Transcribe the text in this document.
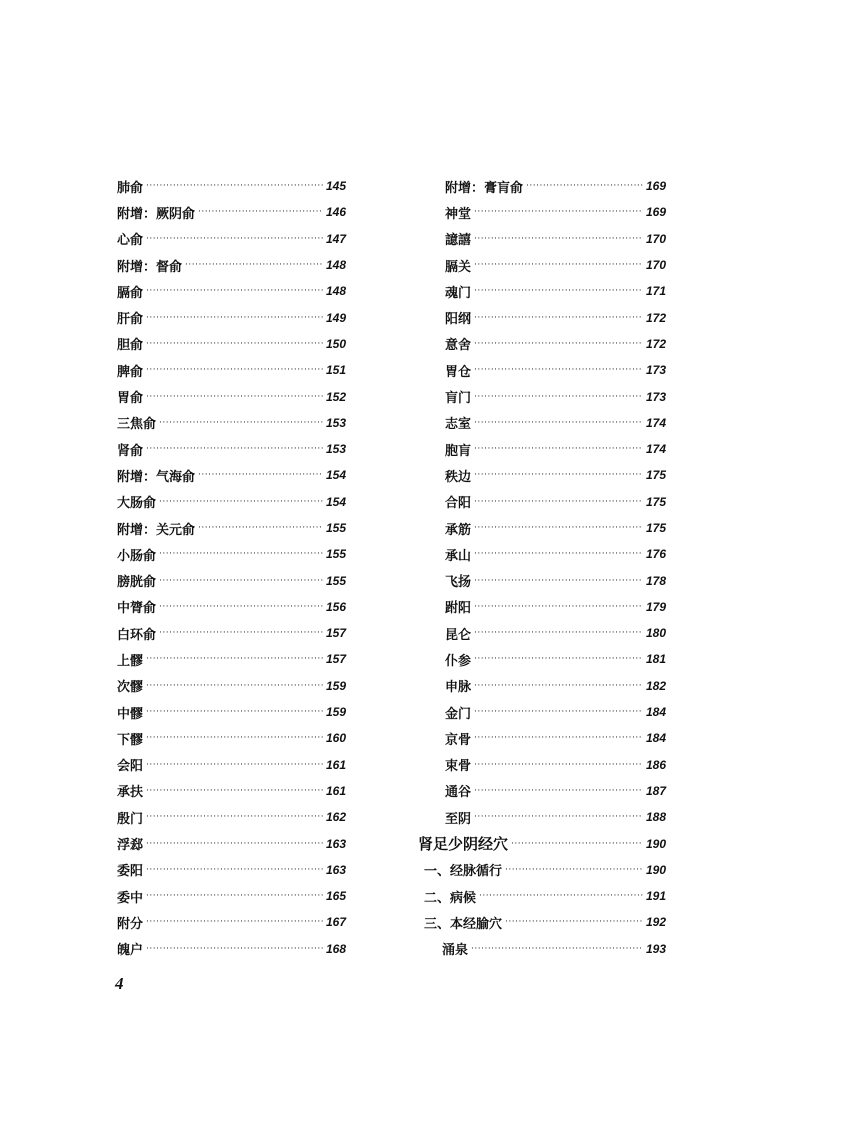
肺俞 ·····	145
附增：厥阴俞 ·····	146
心俞 ·····	147
附增：督俞 ·····	148
膈俞 ·····	148
肝俞 ·····	149
胆俞 ·····	150
脾俞 ·····	151
胃俞 ·····	152
三焦俞 ·····	153
肾俞 ·····	153
附增：气海俞 ·····	154
大肠俞 ·····	154
附增：关元俞 ·····	155
小肠俞 ·····	155
膀胱俞 ·····	155
中膂俞 ·····	156
白环俞 ·····	157
上髎 ·····	157
次髎 ·····	159
中髎 ·····	159
下髎 ·····	160
会阳 ·····	161
承扶 ·····	161
殷门 ·····	162
浮郄 ·····	163
委阳 ·····	163
委中 ·····	165
附分 ·····	167
魄户 ·····	168
附增：膏肓俞 ·····	169
神堂 ·····	169
譩譆 ·····	170
膈关 ·····	170
魂门 ·····	171
阳纲 ·····	172
意舍 ·····	172
胃仓 ·····	173
肓门 ·····	173
志室 ·····	174
胞肓 ·····	174
秩边 ·····	175
合阳 ·····	175
承筋 ·····	175
承山 ·····	176
飞扬 ·····	178
跗阳 ·····	179
昆仑 ·····	180
仆参 ·····	181
申脉 ·····	182
金门 ·····	184
京骨 ·····	184
束骨 ·····	186
通谷 ·····	187
至阴 ·····	188
肾足少阴经穴 ·····	190
一、经脉循行 ·····	190
二、病候 ·····	191
三、本经腧穴 ·····	192
涌泉 ·····	193
4
